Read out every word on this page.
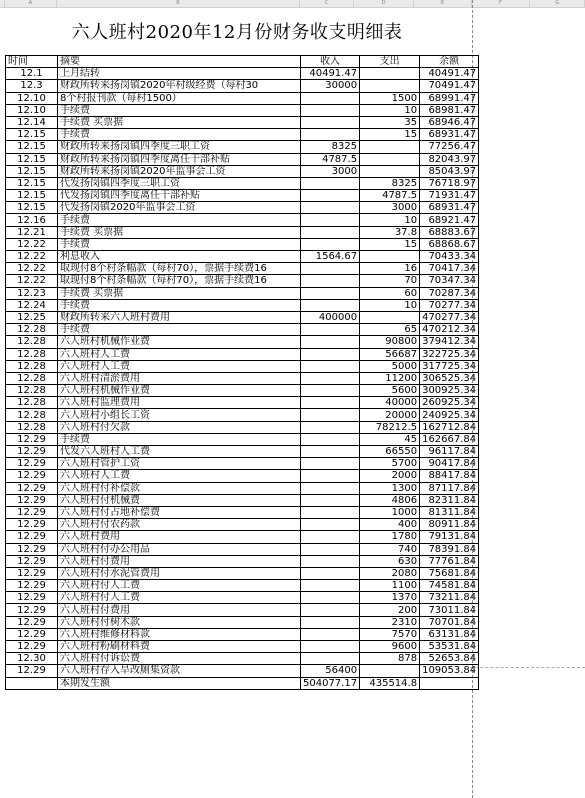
A	B	C	D	E	F	G
六人班村2020年12月份财务收支明细表
时间	摘要	收入	支出	余额
12.1	上月结转	40491.47		40491.47
12.3	财政所转来扬岗镇2020年村级经费（每村30	30000		70491.47
12.10	8个村报刊款（每村1500）		1500	68991.47
12.10	手续费		10	68981.47
12.14	手续费 买票据		35	68946.47
12.15	手续费		15	68931.47
12.15	财政所转来扬岗镇四季度三职工资	8325		77256.47
12.15	财政所转来扬岗镇四季度离任干部补贴	4787.5		82043.97
12.15	财政所转来扬岗镇2020年监事会工资	3000		85043.97
12.15	代发扬岗镇四季度三职工资		8325	76718.97
12.15	代发扬岗镇四季度离任干部补贴		4787.5	71931.47
12.15	代发扬岗镇2020年监事会工资		3000	68931.47
12.16	手续费		10	68921.47
12.21	手续费 买票据		37.8	68883.67
12.22	手续费		15	68868.67
12.22	利息收入	1564.67		70433.34
12.22	取现付8个村条幅款（每村70），票据手续费16		16	70417.34
12.22	取现付8个村条幅款（每村70），票据手续费16		70	70347.34
12.23	手续费 买票据		60	70287.34
12.24	手续费		10	70277.34
12.25	财政所转来六人班村费用	400000		470277.34
12.28	手续费		65	470212.34
12.28	六人班村机械作业费		90800	379412.34
12.28	六人班村人工费		56687	322725.34
12.28	六人班村人工费		5000	317725.34
12.28	六人班村清淤费用		11200	306525.34
12.28	六人班村机械作业费		5600	300925.34
12.28	六人班村监理费用		40000	260925.34
12.28	六人班村小组长工资		20000	240925.34
12.28	六人班村付欠款		78212.5	162712.84
12.29	手续费		45	162667.84
12.29	代发六人班村人工费		66550	96117.84
12.29	六人班村管护工资		5700	90417.84
12.29	六人班村人工费		2000	88417.84
12.29	六人班村付补偿款		1300	87117.84
12.29	六人班村付机械费		4806	82311.84
12.29	六人班村付占地补偿费		1000	81311.84
12.29	六人班村付农药款		400	80911.84
12.29	六人班村费用		1780	79131.84
12.29	六人班村付办公用品		740	78391.84
12.29	六人班村付费用		630	77761.84
12.29	六人班村付水泥管费用		2080	75681.84
12.29	六人班村付人工费		1100	74581.84
12.29	六人班村付人工费		1370	73211.84
12.29	六人班村付费用		200	73011.84
12.29	六人班村付树木款		2310	70701.84
12.29	六人班村维修材料款		7570	63131.84
12.29	六人班村粉刷材料费		9600	53531.84
12.30	六人班村付诉讼费		878	52653.84
12.29	六人班村存入旱改厕集资款	56400		109053.84
	本期发生额	504077.17	435514.8	
